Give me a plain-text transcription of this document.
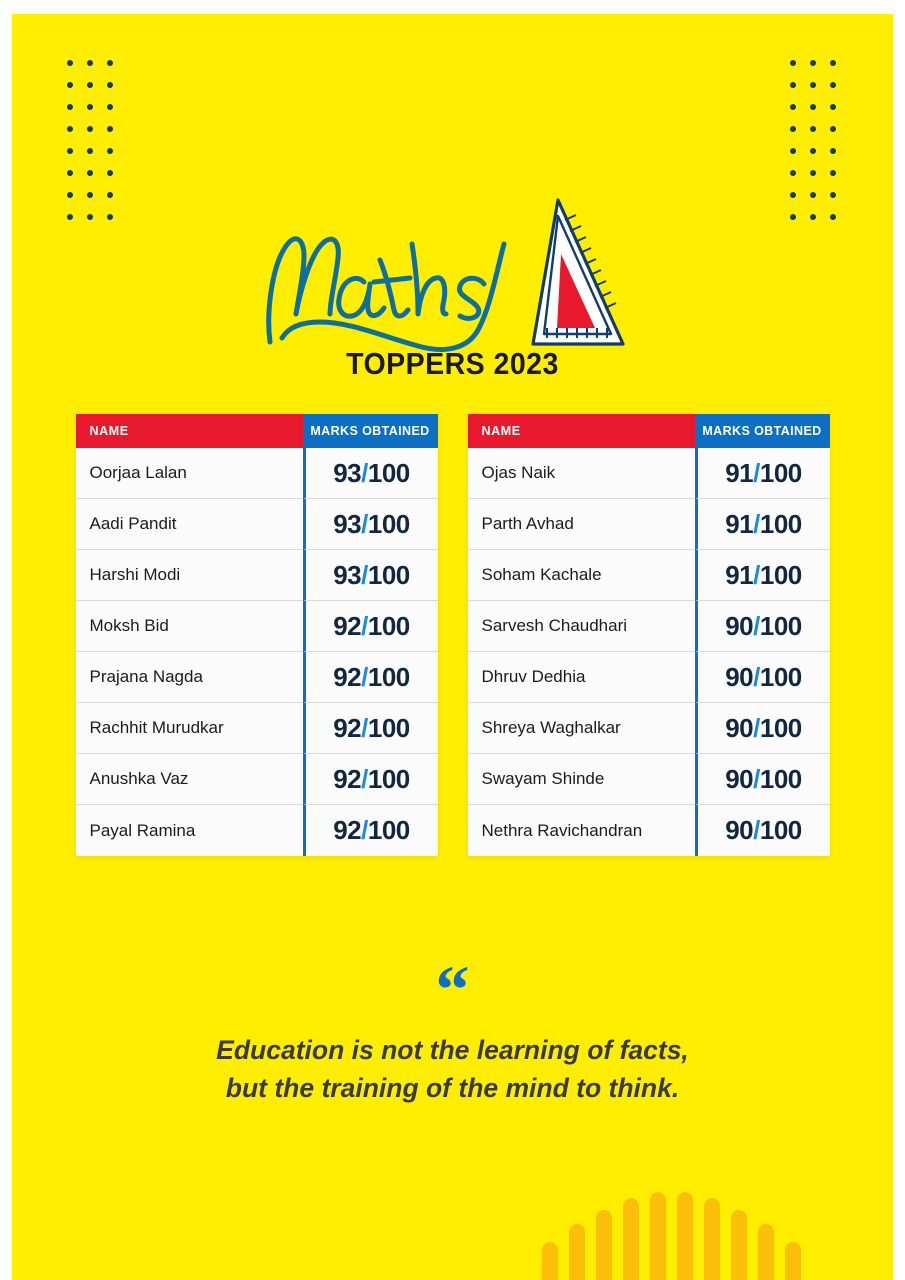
TOPPERS 2023
NAME	MARKS OBTAINED
Oorjaa Lalan	93 / 100
Aadi Pandit	93 / 100
Harshi Modi	93 / 100
Moksh Bid	92 / 100
Prajana Nagda	92 / 100
Rachhit Murudkar	92 / 100
Anushka Vaz	92 / 100
Payal Ramina	92 / 100
NAME	MARKS OBTAINED
Ojas Naik	91 / 100
Parth Avhad	91 / 100
Soham Kachale	91 / 100
Sarvesh Chaudhari	90 / 100
Dhruv Dedhia	90 / 100
Shreya Waghalkar	90 / 100
Swayam Shinde	90 / 100
Nethra Ravichandran	90 / 100
“
Education is not the learning of facts,
but the training of the mind to think.
